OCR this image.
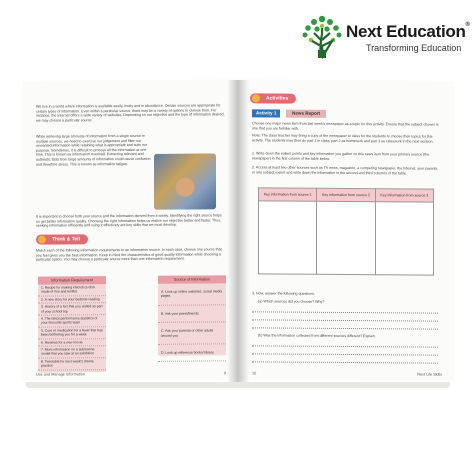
Next Education®
Transforming Education
We live in a world where information is available easily, freely and in abundance. Certain sources are appropriate for certain types of information. Even within a particular source, there may be a variety of options to choose from. For instance, the Internet offers a wide variety of websites. Depending on our objective and the type of information desired, we may choose a particular source.
While retrieving large amounts of information from a single source or multiple sources, we need to exercise our judgement and filter out unwanted information while retaining what is appropriate and suits our purpose. Sometimes, it is difficult to process all the information at one time. This is known as information overload. Extracting relevant and authentic facts from large amounts of information could cause confusion and therefore stress. This is known as information fatigue.
It is important to choose both your source and the information derived from it wisely. Identifying the right source helps us get better information quality. Choosing the right information helps us realise our objective better and faster. Thus, seeking information efficiently and using it effectively are key skills that we must develop.
Think & Tell
Match each of the following information requirements to an information source. In each case, choose one source that you feel gives you the best information. Keep in mind the characteristics of good quality information while choosing a particular option. You may choose a particular source more than one information requirement.
Information Requirement
1. Recipe for making khichdi (a dish made of rice and lentils)
2. A new story for your bedtime reading
3. History of a fort that you visited as part of your school trip
4. The latest performance statistics of your favourite sports team
5. Cure or medication for a fever that has been bothering you for a week
6. Reviews for a new movie
7. More information on a submarine model that you saw at an exhibition
8. Timetable for next week's drama practice
Source of Information
A. Look up online websites, social media pages
B. Ask your peers/friends
C. Ask your parents or other adults around you
D. Look up reference books/ library
Use and Manage Information	9
Activities
Activity 1	News Report
Choose one major news item from last week's newspaper as a topic for this activity. Ensure that the subject chosen is one that you are familiar with.
Note: The class teacher may bring a copy of the newspaper to class for the students to choose their topics for this activity. The students may then do part 1 in class, part 2 as homework and part 3 as classwork in the next session.
1. Write down the salient points and key information you gather on this news item from your primary source (the newspaper) in the first column of the table below.
2. Access at least two other sources such as TV news, magazine, a competing newspaper, the Internet, your parents or any subject expert and write down the information in the second and third columns of the table.
Key information from source 1	Key information from source 2	Key information from source 3

3. Now, answer the following questions.
(a) Which sources did you choose? Why?
(b) Was the information collected from different sources different? Explain.
10	Next Life Skills
